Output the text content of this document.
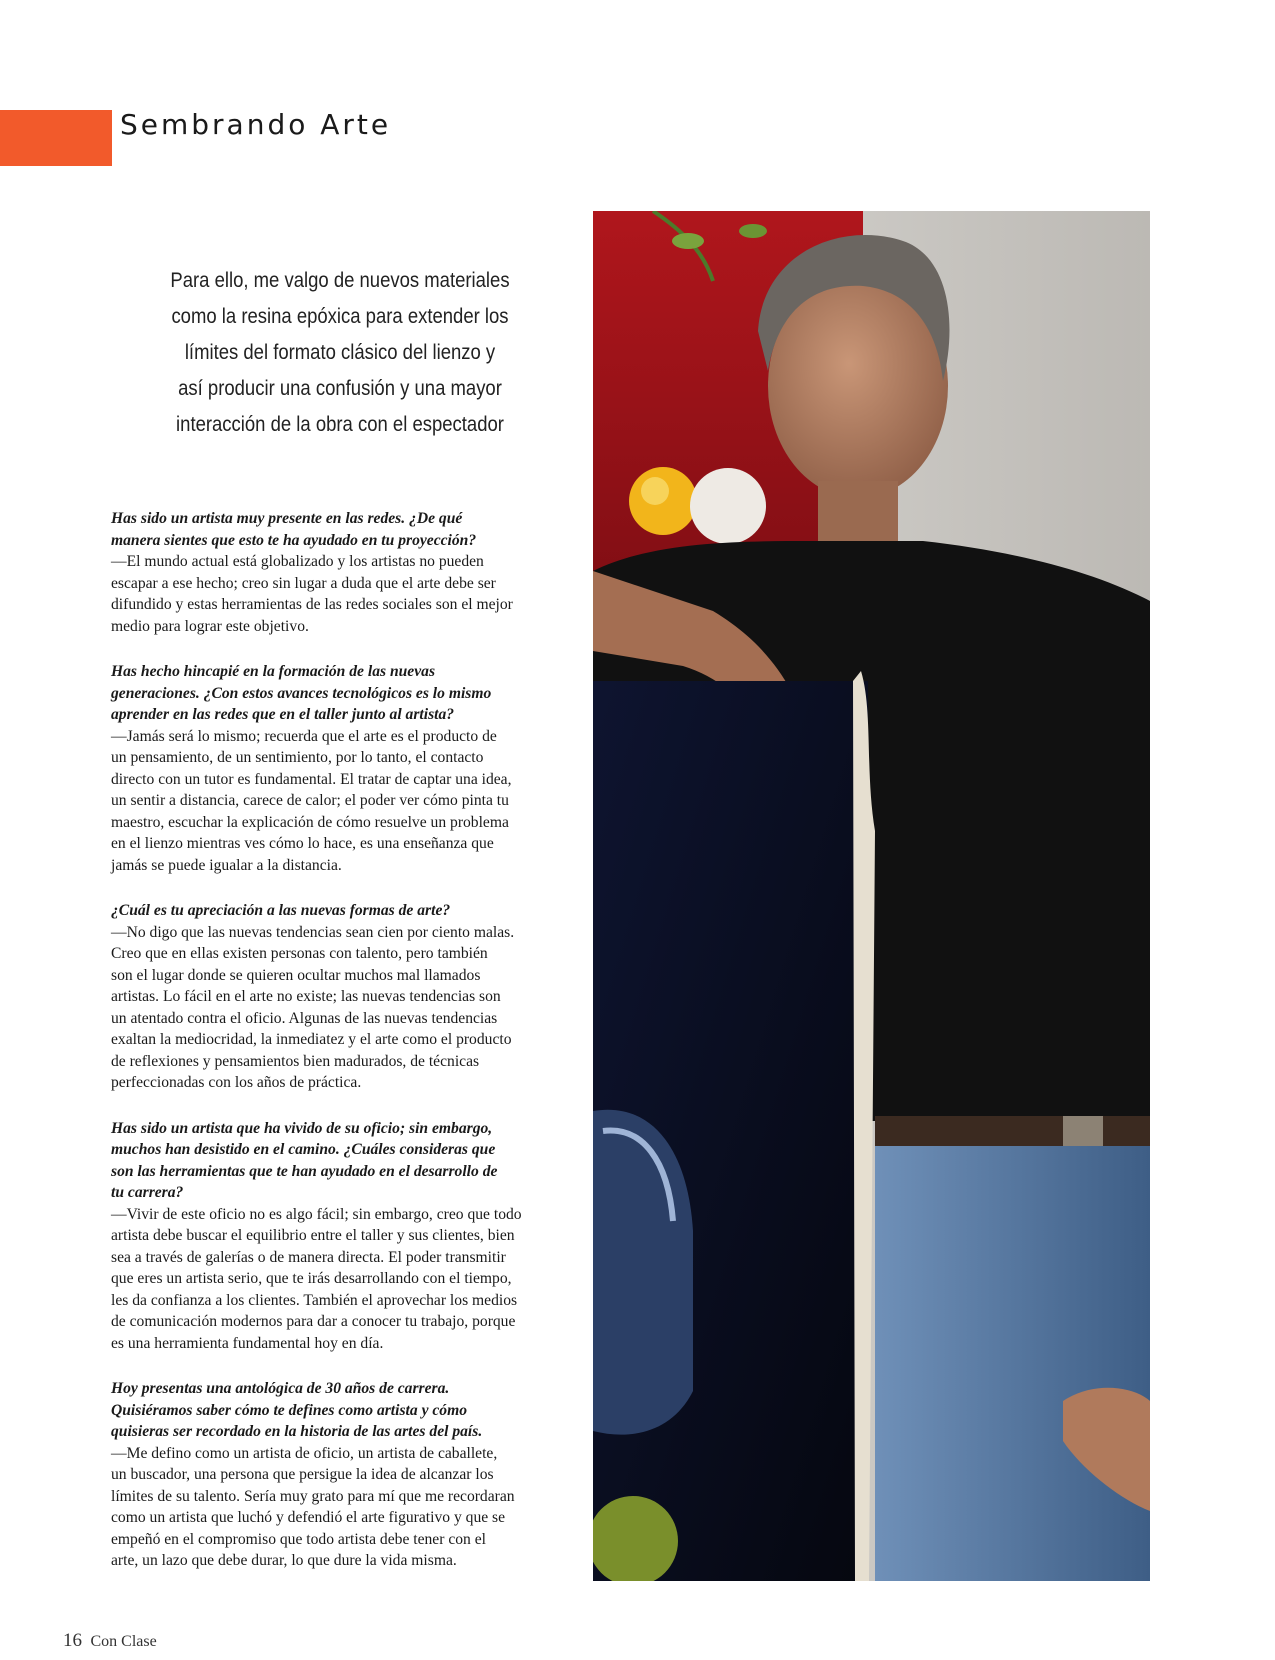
Sembrando Arte
Para ello, me valgo de nuevos materiales
como la resina epóxica para extender los
límites del formato clásico del lienzo y
así producir una confusión y una mayor
interacción de la obra con el espectador
Has sido un artista muy presente en las redes. ¿De qué
manera sientes que esto te ha ayudado en tu proyección?
—El mundo actual está globalizado y los artistas no pueden
escapar a ese hecho; creo sin lugar a duda que el arte debe ser
difundido y estas herramientas de las redes sociales son el mejor
medio para lograr este objetivo.
Has hecho hincapié en la formación de las nuevas
generaciones. ¿Con estos avances tecnológicos es lo mismo
aprender en las redes que en el taller junto al artista?
—Jamás será lo mismo; recuerda que el arte es el producto de
un pensamiento, de un sentimiento, por lo tanto, el contacto
directo con un tutor es fundamental. El tratar de captar una idea,
un sentir a distancia, carece de calor; el poder ver cómo pinta tu
maestro, escuchar la explicación de cómo resuelve un problema
en el lienzo mientras ves cómo lo hace, es una enseñanza que
jamás se puede igualar a la distancia.
¿Cuál es tu apreciación a las nuevas formas de arte?
—No digo que las nuevas tendencias sean cien por ciento malas.
Creo que en ellas existen personas con talento, pero también
son el lugar donde se quieren ocultar muchos mal llamados
artistas. Lo fácil en el arte no existe; las nuevas tendencias son
un atentado contra el oficio. Algunas de las nuevas tendencias
exaltan la mediocridad, la inmediatez y el arte como el producto
de reflexiones y pensamientos bien madurados, de técnicas
perfeccionadas con los años de práctica.
Has sido un artista que ha vivido de su oficio; sin embargo,
muchos han desistido en el camino. ¿Cuáles consideras que
son las herramientas que te han ayudado en el desarrollo de
tu carrera?
—Vivir de este oficio no es algo fácil; sin embargo, creo que todo
artista debe buscar el equilibrio entre el taller y sus clientes, bien
sea a través de galerías o de manera directa. El poder transmitir
que eres un artista serio, que te irás desarrollando con el tiempo,
les da confianza a los clientes. También el aprovechar los medios
de comunicación modernos para dar a conocer tu trabajo, porque
es una herramienta fundamental hoy en día.
Hoy presentas una antológica de 30 años de carrera.
Quisiéramos saber cómo te defines como artista y cómo
quisieras ser recordado en la historia de las artes del país.
—Me defino como un artista de oficio, un artista de caballete,
un buscador, una persona que persigue la idea de alcanzar los
límites de su talento. Sería muy grato para mí que me recordaran
como un artista que luchó y defendió el arte figurativo y que se
empeñó en el compromiso que todo artista debe tener con el
arte, un lazo que debe durar, lo que dure la vida misma.
16 Con Clase
